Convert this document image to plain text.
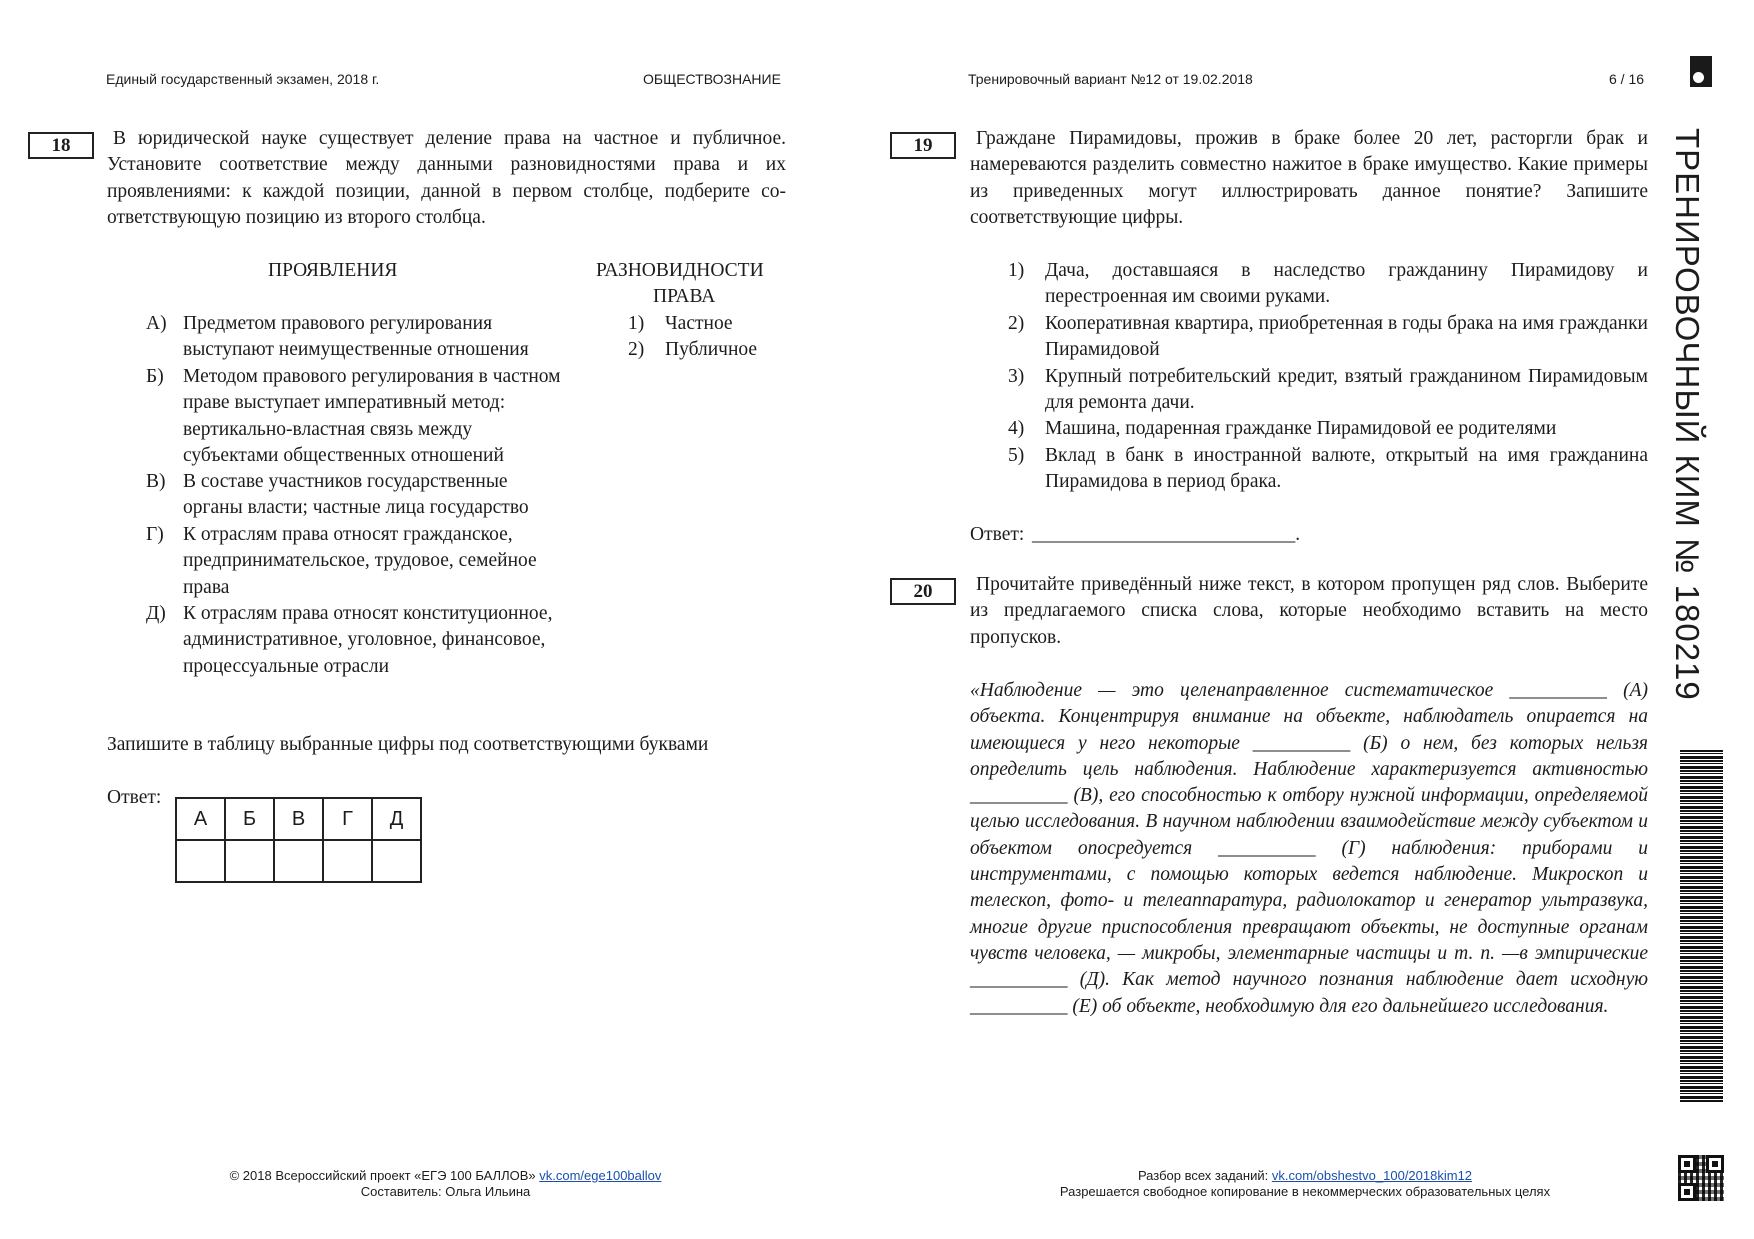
Единый государственный экзамен, 2018 г.	ОБЩЕСТВОЗНАНИЕ	Тренировочный вариант №12 от 19.02.2018	6 / 16
ТРЕНИРОВОЧНЫЙ КИМ № 180219
18	В юридической науке существует деление права на частное и публичное. Установите соответствие между данными разновидностями права и их проявлениями: к каждой позиции, данной в первом столбце, подберите со-ответствующую позицию из второго столбца.
ПРОЯВЛЕНИЯ	РАЗНОВИДНОСТИ
ПРАВА
А) Предметом правового регулирования выступают неимущественные отношения
Б) Методом правового регулирования в частном праве выступает императивный метод: вертикально-властная связь между субъектами общественных отношений
В) В составе участников государственные органы власти; частные лица государство
Г) К отраслям права относят гражданское, предпринимательское, трудовое, семейное права
Д) К отраслям права относят конституционное, административное, уголовное, финансовое, процессуальные отрасли
1) Частное
2) Публичное
Запишите в таблицу выбранные цифры под соответствующими буквами
Ответ:
А	Б	В	Г	Д

19	Граждане Пирамидовы, прожив в браке более 20 лет, расторгли брак и намереваются разделить совместно нажитое в браке имущество. Какие примеры из приведенных могут иллюстрировать данное понятие? Запишите соответствующие цифры.
1) Дача, доставшаяся в наследство гражданину Пирамидову и перестроенная им своими руками.
2) Кооперативная квартира, приобретенная в годы брака на имя гражданки Пирамидовой
3) Крупный потребительский кредит, взятый гражданином Пирамидовым для ремонта дачи.
4) Машина, подаренная гражданке Пирамидовой ее родителями
5) Вклад в банк в иностранной валюте, открытый на имя гражданина Пирамидова в период брака.
Ответ: ___________________________.
20	Прочитайте приведённый ниже текст, в котором пропущен ряд слов. Выберите из предлагаемого списка слова, которые необходимо вставить на место пропусков.
«Наблюдение — это целенаправленное систематическое __________ (А) объекта. Концентрируя внимание на объекте, наблюдатель опирается на имеющиеся у него некоторые __________ (Б) о нем, без которых нельзя определить цель наблюдения. Наблюдение характеризуется активностью __________ (В), его способностью к отбору нужной информации, определяемой целью исследования. В научном наблюдении взаимодействие между субъектом и объектом опосредуется __________ (Г) наблюдения: приборами и инструментами, с помощью которых ведется наблюдение. Микроскоп и телескоп, фото- и телеаппаратура, радиолокатор и генератор ультразвука, многие другие приспособления превращают объекты, не доступные органам чувств человека, — микробы, элементарные частицы и т. п. —в эмпирические __________ (Д). Как метод научного познания наблюдение дает исходную __________ (Е) об объекте, необходимую для его дальнейшего исследования.
© 2018 Всероссийский проект «ЕГЭ 100 БАЛЛОВ» vk.com/ege100ballov
Составитель: Ольга Ильина
Разбор всех заданий: vk.com/obshestvo_100/2018kim12
Разрешается свободное копирование в некоммерческих образовательных целях
